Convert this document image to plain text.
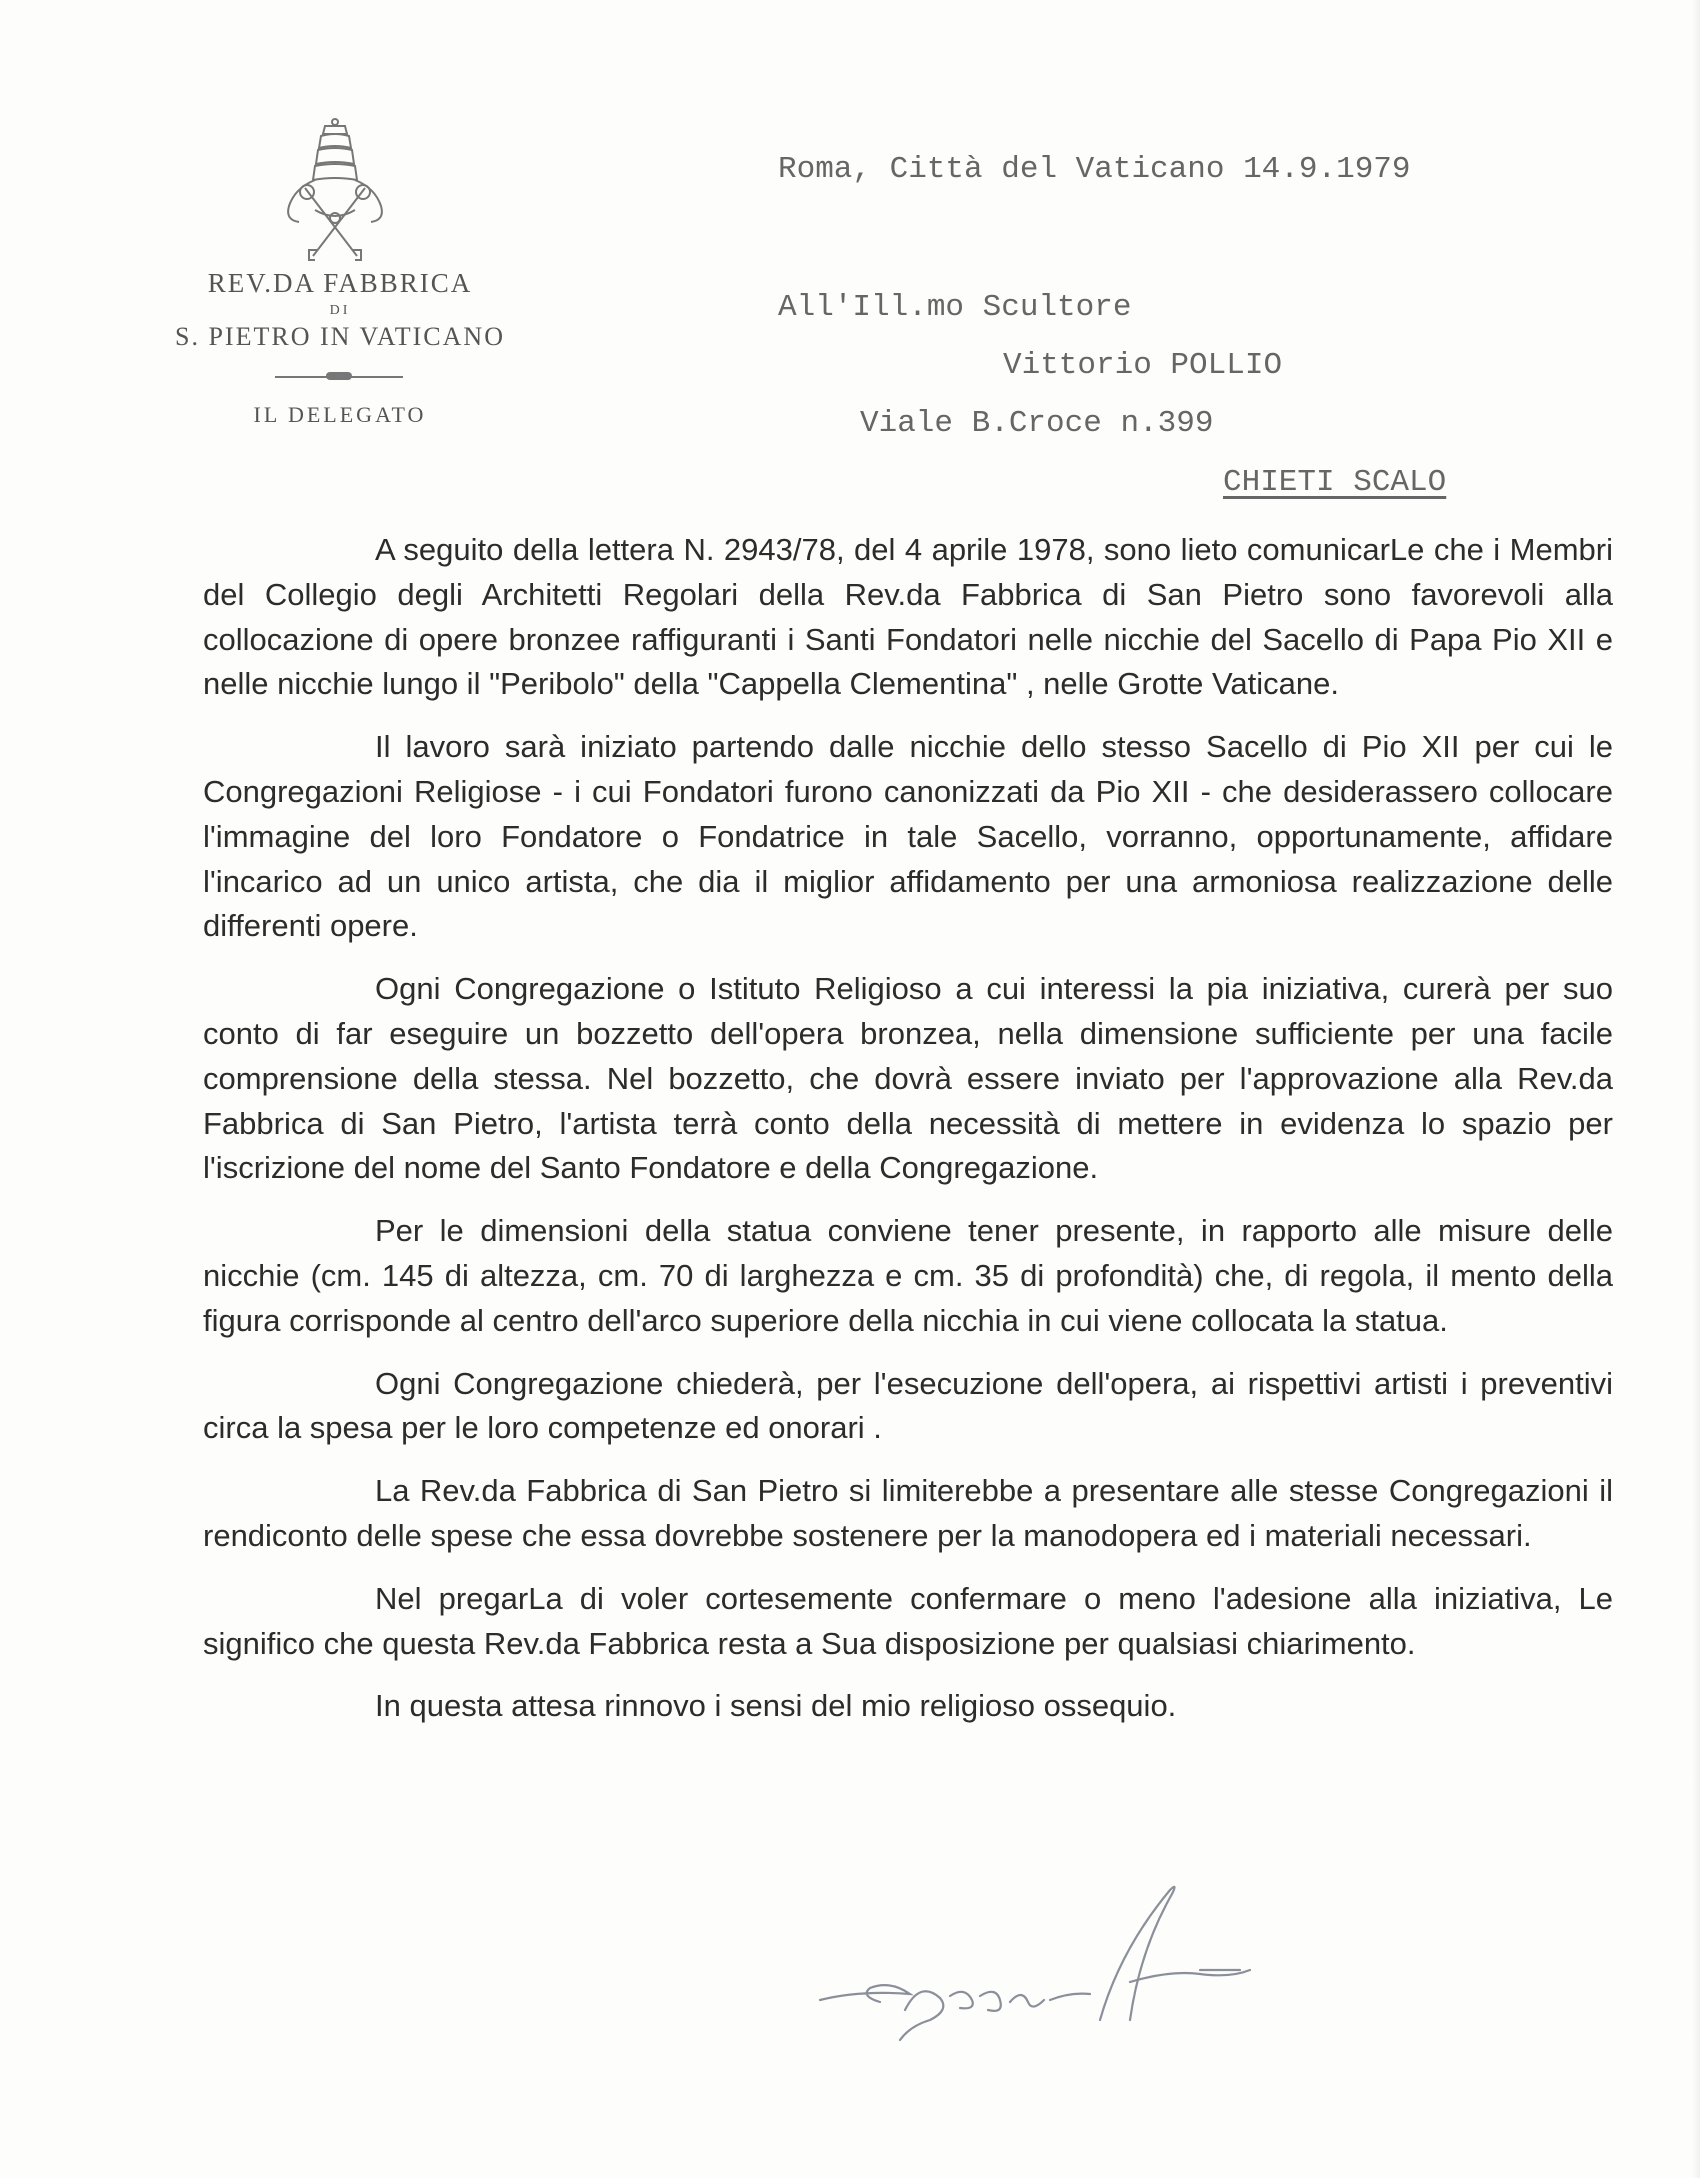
REV.DA FABBRICA
DI
S. PIETRO IN VATICANO
IL DELEGATO
Roma, Città del Vaticano 14.9.1979
All'Ill.mo Scultore
Vittorio POLLIO
Viale B.Croce n.399
CHIETI SCALO

A seguito della lettera N. 2943/78, del 4 aprile 1978, sono lieto comunicarLe che i Membri del Collegio degli Architetti Regolari della Rev.da Fabbrica di San Pietro sono favorevoli alla collocazione di opere bronzee raffiguranti i Santi Fondatori nelle nicchie del Sacello di Papa Pio XII e nelle nicchie lungo il "Peribolo" della "Cappella Clementina" , nelle Grotte Vaticane.

Il lavoro sarà iniziato partendo dalle nicchie dello stesso Sacello di Pio XII per cui le Congregazioni Religiose - i cui Fondatori furono canonizzati da Pio XII - che desiderassero collocare l'immagine del loro Fondatore o Fondatrice in tale Sacello, vorranno, opportunamente, affidare l'incarico ad un unico artista, che dia il miglior affidamento per una armoniosa realizzazione delle differenti opere.

Ogni Congregazione o Istituto Religioso a cui interessi la pia iniziativa, curerà per suo conto di far eseguire un bozzetto dell'opera bronzea, nella dimensione sufficiente per una facile comprensione della stessa. Nel bozzetto, che dovrà essere inviato per l'approvazione alla Rev.da Fabbrica di San Pietro, l'artista terrà conto della necessità di mettere in evidenza lo spazio per l'iscrizione del nome del Santo Fondatore e della Congregazione.

Per le dimensioni della statua conviene tener presente, in rapporto alle misure delle nicchie (cm. 145 di altezza, cm. 70 di larghezza e cm. 35 di profondità) che, di regola, il mento della figura corrisponde al centro dell'arco superiore della nicchia in cui viene collocata la statua.

Ogni Congregazione chiederà, per l'esecuzione dell'opera, ai rispettivi artisti i preventivi circa la spesa per le loro competenze ed onorari .

La Rev.da Fabbrica di San Pietro si limiterebbe a presentare alle stesse Congregazioni il rendiconto delle spese che essa dovrebbe sostenere per la manodopera ed i materiali necessari.

Nel pregarLa di voler cortesemente confermare o meno l'adesione alla iniziativa, Le significo che questa Rev.da Fabbrica resta a Sua disposizione per qualsiasi chiarimento.

In questa attesa rinnovo i sensi del mio religioso ossequio.
